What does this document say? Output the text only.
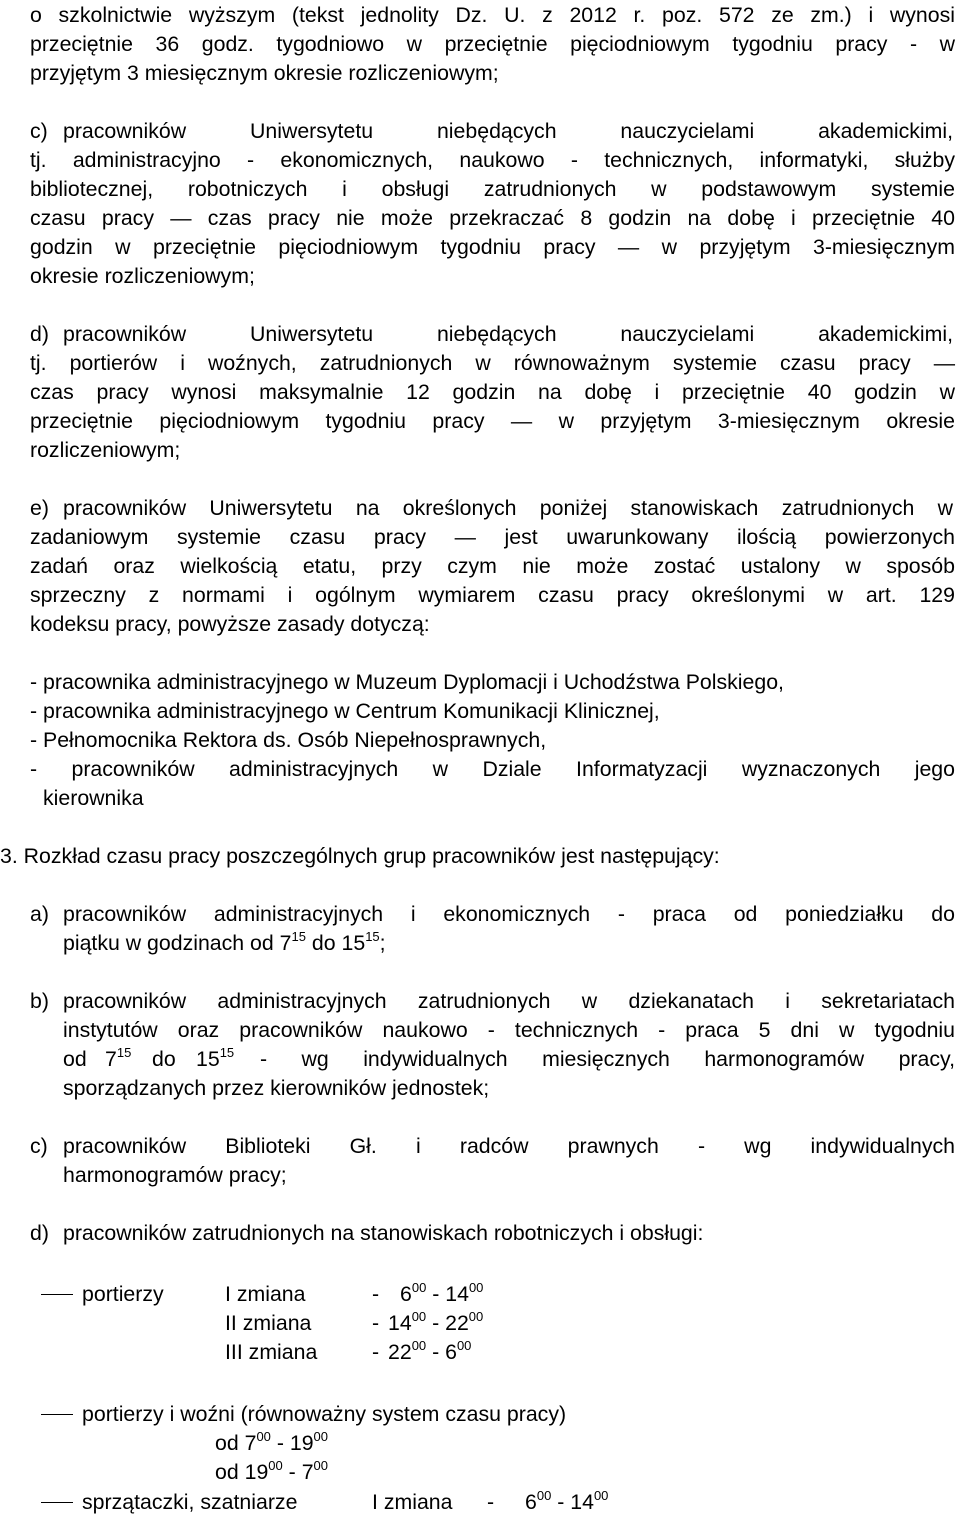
o szkolnictwie wyższym (tekst jednolity Dz. U. z 2012 r. poz. 572 ze zm.) i wynosi
przeciętnie 36 godz. tygodniowo w przeciętnie pięciodniowym tygodniu pracy - w
przyjętym 3 miesięcznym okresie rozliczeniowym;
c) pracowników Uniwersytetu niebędących nauczycielami akademickimi,
tj. administracyjno - ekonomicznych, naukowo - technicznych, informatyki, służby
bibliotecznej, robotniczych i obsługi zatrudnionych w podstawowym systemie
czasu pracy — czas pracy nie może przekraczać 8 godzin na dobę i przeciętnie 40
godzin w przeciętnie pięciodniowym tygodniu pracy — w przyjętym 3-miesięcznym
okresie rozliczeniowym;
d) pracowników Uniwersytetu niebędących nauczycielami akademickimi,
tj. portierów i woźnych, zatrudnionych w równoważnym systemie czasu pracy —
czas pracy wynosi maksymalnie 12 godzin na dobę i przeciętnie 40 godzin w
przeciętnie pięciodniowym tygodniu pracy — w przyjętym 3-miesięcznym okresie
rozliczeniowym;
e) pracowników Uniwersytetu na określonych poniżej stanowiskach zatrudnionych w
zadaniowym systemie czasu pracy — jest uwarunkowany ilością powierzonych
zadań oraz wielkością etatu, przy czym nie może zostać ustalony w sposób
sprzeczny z normami i ogólnym wymiarem czasu pracy określonymi w art. 129
kodeksu pracy, powyższe zasady dotyczą:
- pracownika administracyjnego w Muzeum Dyplomacji i Uchodźstwa Polskiego,
- pracownika administracyjnego w Centrum Komunikacji Klinicznej,
- Pełnomocnika Rektora ds. Osób Niepełnosprawnych,
- pracowników administracyjnych w Dziale Informatyzacji wyznaczonych jego
kierownika
3. Rozkład czasu pracy poszczególnych grup pracowników jest następujący:
a) pracowników administracyjnych i ekonomicznych - praca od poniedziałku do
piątku w godzinach od $7^{15}$ do $15^{15}$;
b) pracowników administracyjnych zatrudnionych w dziekanatach i sekretariatach
instytutów oraz pracowników naukowo - technicznych - praca 5 dni w tygodniu
od $7^{15}$ do $15^{15}$ - wg indywidualnych miesięcznych harmonogramów pracy,
sporządzanych przez kierowników jednostek;
c) pracowników Biblioteki Gł. i radców prawnych - wg indywidualnych
harmonogramów pracy;
d) pracowników zatrudnionych na stanowiskach robotniczych i obsługi:
portierzy	I zmiana	- $6^{00} - 14^{00}$
II zmiana	- $14^{00} - 22^{00}$
III zmiana	- $22^{00} - 6^{00}$
portierzy i woźni (równoważny system czasu pracy)
od $7^{00} - 19^{00}$
od $19^{00} - 7^{00}$
sprzątaczki, szatniarze	I zmiana - $6^{00} - 14^{00}$
